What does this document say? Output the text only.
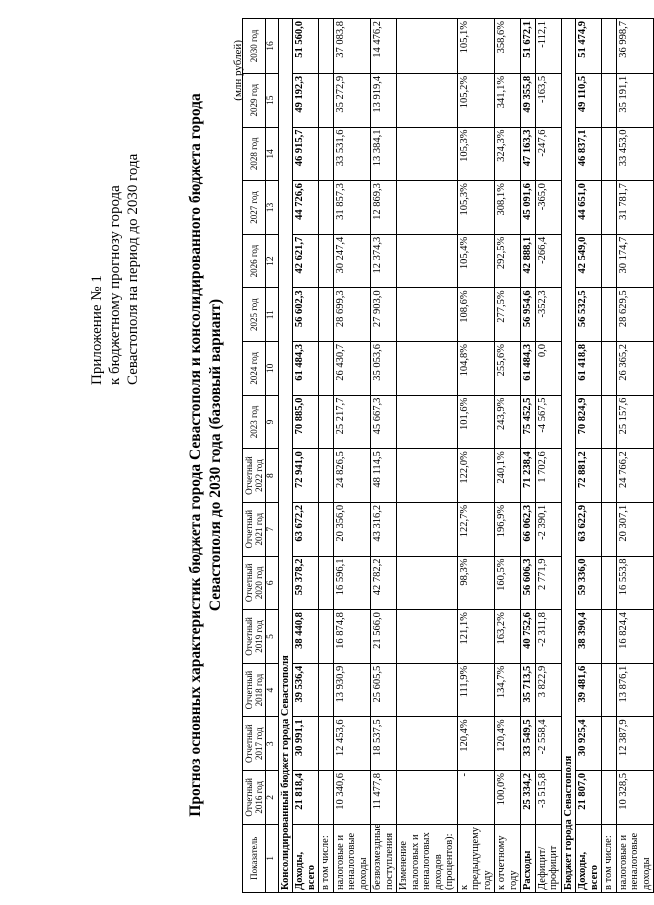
Приложение № 1 к бюджетному прогнозу города Севастополя на период до 2030 года	Прогноз основных характеристик бюджета города Севастополя и консолидированного бюджета города Севастополя до 2030 года (базовый вариант)
(млн рублей)
Показатель	Отчетный 2016 год	Отчетный 2017 год	Отчетный 2018 год	Отчетный 2019 год	Отчетный 2020 год	Отчетный 2021 год	Отчетный 2022 год	2023 год	2024 год	2025 год	2026 год	2027 год	2028 год	2029 год	2030 год
1	2	3	4	5	6	7	8	9	10	11	12	13	14	15	16
Консолидированный бюджет города Севастополя															
Доходы, всего	21 818,4	30 991,1	39 536,4	38 440,8	59 378,2	63 672,2	72 941,0	70 885,0	61 484,3	56 602,3	42 621,7	44 726,6	46 915,7	49 192,3	51 560,0
в том числе:															
налоговые и неналоговые доходы	10 340,6	12 453,6	13 930,9	16 874,8	16 596,1	20 356,0	24 826,5	25 217,7	26 430,7	28 699,3	30 247,4	31 857,3	33 531,6	35 272,9	37 083,8
безвозмездные поступления	11 477,8	18 537,5	25 605,5	21 566,0	42 782,2	43 316,2	48 114,5	45 667,3	35 053,6	27 903,0	12 374,3	12 869,3	13 384,1	13 919,4	14 476,2
Изменение налоговых и неналоговых доходов (процентов):															
к предыдущему году	-	120,4%	111,9%	121,1%	98,3%	122,7%	122,0%	101,6%	104,8%	108,6%	105,4%	105,3%	105,3%	105,2%	105,1%
к отчетному году	100,0%	120,4%	134,7%	163,2%	160,5%	196,9%	240,1%	243,9%	255,6%	277,5%	292,5%	308,1%	324,3%	341,1%	358,6%
Расходы	25 334,2	33 549,5	35 713,5	40 752,6	56 606,3	66 062,3	71 238,4	75 452,5	61 484,3	56 954,6	42 888,1	45 091,6	47 163,3	49 355,8	51 672,1
Дефицит/ профицит	-3 515,8	-2 558,4	3 822,9	-2 311,8	2 771,9	-2 390,1	1 702,6	-4 567,5	0,0	-352,3	-266,4	-365,0	-247,6	-163,5	-112,1
Бюджет города Севастополя															
Доходы, всего	21 807,0	30 925,4	39 481,6	38 390,4	59 336,0	63 622,9	72 881,2	70 824,9	61 418,8	56 532,5	42 549,0	44 651,0	46 837,1	49 110,5	51 474,9
в том числе:															
налоговые и неналоговые доходы	10 328,5	12 387,9	13 876,1	16 824,4	16 553,8	20 307,1	24 766,2	25 157,6	26 365,2	28 629,5	30 174,7	31 781,7	33 453,0	35 191,1	36 998,7
